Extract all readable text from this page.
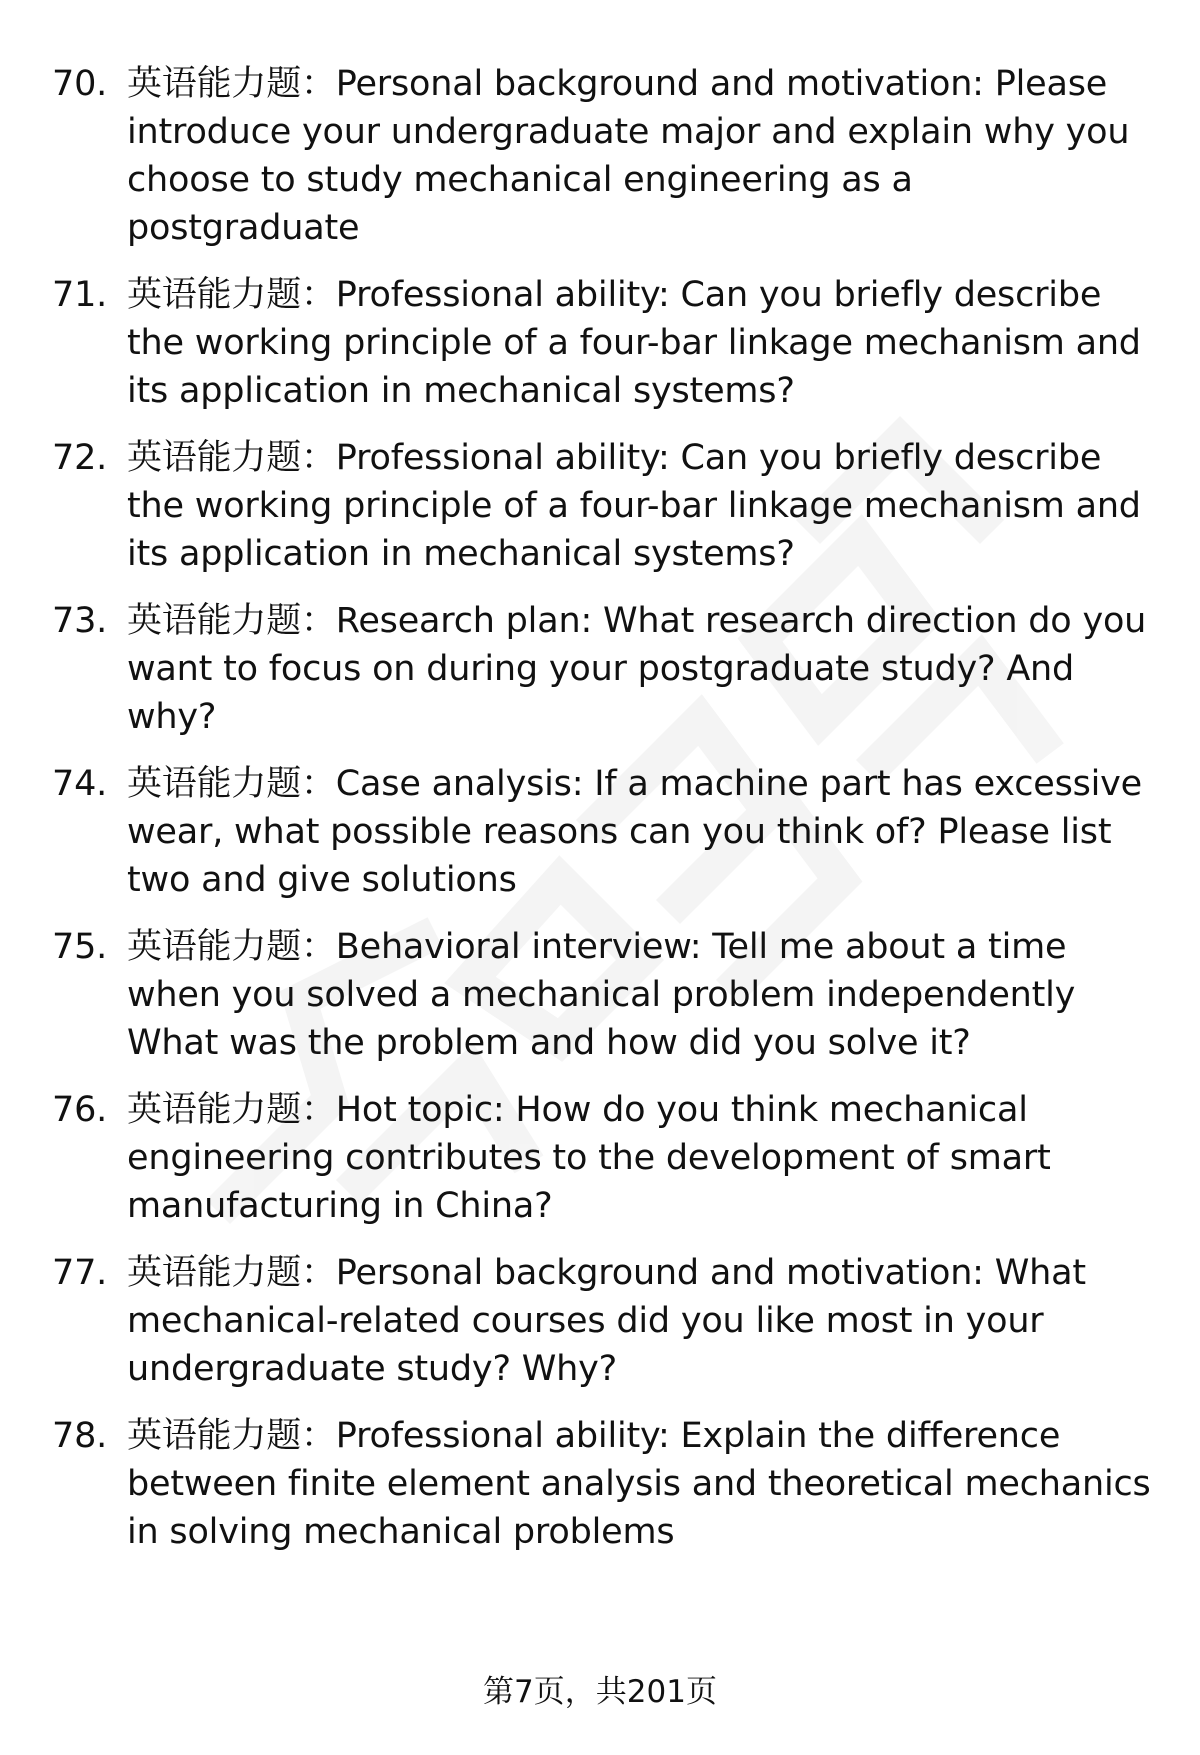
70. 英语能力题：Personal background and motivation: Please introduce your undergraduate major and explain why you choose to study mechanical engineering as a postgraduate
71. 英语能力题：Professional ability: Can you briefly describe the working principle of a four-bar linkage mechanism and its application in mechanical systems?
72. 英语能力题：Professional ability: Can you briefly describe the working principle of a four-bar linkage mechanism and its application in mechanical systems?
73. 英语能力题：Research plan: What research direction do you want to focus on during your postgraduate study? And why?
74. 英语能力题：Case analysis: If a machine part has excessive wear, what possible reasons can you think of? Please list two and give solutions
75. 英语能力题：Behavioral interview: Tell me about a time when you solved a mechanical problem independently What was the problem and how did you solve it?
76. 英语能力题：Hot topic: How do you think mechanical engineering contributes to the development of smart manufacturing in China?
77. 英语能力题：Personal background and motivation: What mechanical-related courses did you like most in your undergraduate study? Why?
78. 英语能力题：Professional ability: Explain the difference between finite element analysis and theoretical mechanics in solving mechanical problems
第7页，共201页
